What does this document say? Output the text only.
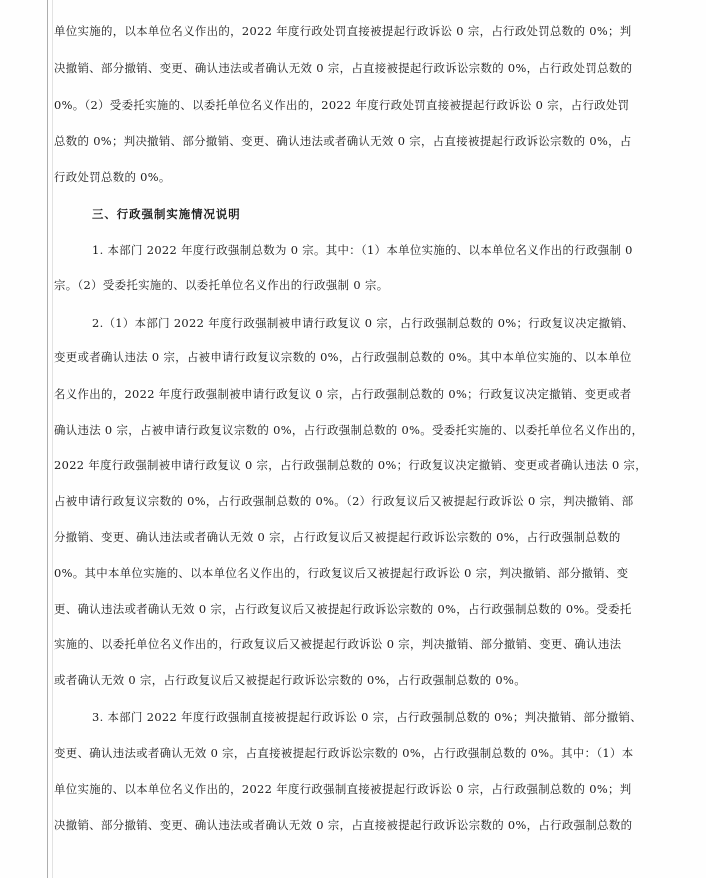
单位实施的，以本单位名义作出的，2022 年度行政处罚直接被提起行政诉讼 0 宗，占行政处罚总数的 0%；判
决撤销、部分撤销、变更、确认违法或者确认无效 0 宗，占直接被提起行政诉讼宗数的 0%，占行政处罚总数的
0%。（2）受委托实施的、以委托单位名义作出的，2022 年度行政处罚直接被提起行政诉讼 0 宗，占行政处罚
总数的 0%；判决撤销、部分撤销、变更、确认违法或者确认无效 0 宗，占直接被提起行政诉讼宗数的 0%，占
行政处罚总数的 0%。
三、行政强制实施情况说明
1. 本部门 2022 年度行政强制总数为 0 宗。其中：（1）本单位实施的、以本单位名义作出的行政强制 0
宗。（2）受委托实施的、以委托单位名义作出的行政强制 0 宗。
2.（1）本部门 2022 年度行政强制被申请行政复议 0 宗，占行政强制总数的 0%；行政复议决定撤销、
变更或者确认违法 0 宗，占被申请行政复议宗数的 0%，占行政强制总数的 0%。其中本单位实施的、以本单位
名义作出的，2022 年度行政强制被申请行政复议 0 宗，占行政强制总数的 0%；行政复议决定撤销、变更或者
确认违法 0 宗，占被申请行政复议宗数的 0%，占行政强制总数的 0%。受委托实施的、以委托单位名义作出的，
2022 年度行政强制被申请行政复议 0 宗，占行政强制总数的 0%；行政复议决定撤销、变更或者确认违法 0 宗，
占被申请行政复议宗数的 0%，占行政强制总数的 0%。（2）行政复议后又被提起行政诉讼 0 宗，判决撤销、部
分撤销、变更、确认违法或者确认无效 0 宗，占行政复议后又被提起行政诉讼宗数的 0%，占行政强制总数的
0%。其中本单位实施的、以本单位名义作出的，行政复议后又被提起行政诉讼 0 宗，判决撤销、部分撤销、变
更、确认违法或者确认无效 0 宗，占行政复议后又被提起行政诉讼宗数的 0%，占行政强制总数的 0%。受委托
实施的、以委托单位名义作出的，行政复议后又被提起行政诉讼 0 宗，判决撤销、部分撤销、变更、确认违法
或者确认无效 0 宗，占行政复议后又被提起行政诉讼宗数的 0%，占行政强制总数的 0%。
3. 本部门 2022 年度行政强制直接被提起行政诉讼 0 宗，占行政强制总数的 0%；判决撤销、部分撤销、
变更、确认违法或者确认无效 0 宗，占直接被提起行政诉讼宗数的 0%，占行政强制总数的 0%。其中：（1）本
单位实施的、以本单位名义作出的，2022 年度行政强制直接被提起行政诉讼 0 宗，占行政强制总数的 0%；判
决撤销、部分撤销、变更、确认违法或者确认无效 0 宗，占直接被提起行政诉讼宗数的 0%，占行政强制总数的
